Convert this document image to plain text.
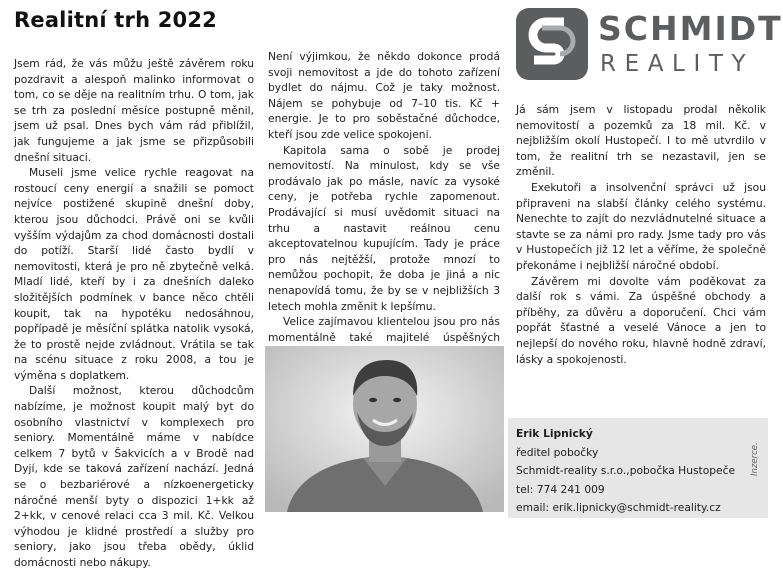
Realitní trh 2022	SCHMIDT
REALITY

Jsem rád, že vás můžu ještě závěrem roku pozdravit a alespoň malinko informovat o tom, co se děje na realitním trhu. O tom, jak se trh za poslední měsíce postupně měnil, jsem už psal. Dnes bych vám rád přiblížil, jak fungujeme a jak jsme se přizpůsobili dnešní situaci.

Museli jsme velice rychle reagovat na rostoucí ceny energií a snažili se pomoct nejvíce postižené skupině dnešní doby, kterou jsou důchodci. Právě oni se kvůli vyšším výdajům za chod domácnosti dostali do potíží. Starší lidé často bydlí v nemovitosti, která je pro ně zbytečně velká. Mladí lidé, kteří by i za dnešních daleko složitějších podmínek v bance něco chtěli koupit, tak na hypotéku nedosáhnou, popřípadě je měsíční splátka natolik vysoká, že to prostě nejde zvládnout. Vrátila se tak na scénu situace z roku 2008, a tou je výměna s doplatkem.

Další možnost, kterou důchodcům nabízíme, je možnost koupit malý byt do osobního vlastnictví v komplexech pro seniory. Momentálně máme v nabídce celkem 7 bytů v Šakvicích a v Brodě nad Dyjí, kde se taková zařízení nachází. Jedná se o bezbariérové a nízkoenergeticky náročné menší byty o dispozici 1+kk až 2+kk, v cenové relaci cca 3 mil. Kč. Velkou výhodou je klidné prostředí a služby pro seniory, jako jsou třeba obědy, úklid domácnosti nebo nákupy.

Není výjimkou, že někdo dokonce prodá svoji nemovitost a jde do tohoto zařízení bydlet do nájmu. Což je taky možnost. Nájem se pohybuje od 7–10 tis. Kč + energie. Je to pro soběstačné důchodce, kteří jsou zde velice spokojeni.

Kapitola sama o sobě je prodej nemovitostí. Na minulost, kdy se vše prodávalo jak po másle, navíc za vysoké ceny, je potřeba rychle zapomenout. Prodávající si musí uvědomit situaci na trhu a nastavit reálnou cenu akceptovatelnou kupujícím. Tady je práce pro nás nejtěžší, protože mnozí to nemůžou pochopit, že doba je jiná a nic nenapovídá tomu, že by se v nejbližších 3 letech mohla změnit k lepšímu.

Velice zajímavou klientelou jsou pro nás momentálně také majitelé úspěšných

Já sám jsem v listopadu prodal několik nemovitostí a pozemků za 18 mil. Kč. v nejbližším okolí Hustopečí. I to mě utvrdilo v tom, že realitní trh se nezastavil, jen se změnil.

Exekutoři a insolvenční správci už jsou připraveni na slabší články celého systému. Nenechte to zajít do nezvládnutelné situace a stavte se za námi pro rady. Jsme tady pro vás v Hustopečích již 12 let a věříme, že společně překonáme i nejbližší náročné období.

Závěrem mi dovolte vám poděkovat za další rok s vámi. Za úspěšné obchody a příběhy, za důvěru a doporučení. Chci vám popřát šťastné a veselé Vánoce a jen to nejlepší do nového roku, hlavně hodně zdraví, lásky a spokojenosti.

Erik Lipnický
ředitel pobočky
Schmidt-reality s.r.o.,pobočka Hustopeče
tel: 774 241 009
email: erik.lipnicky@schmidt-reality.cz
Inzerce.
